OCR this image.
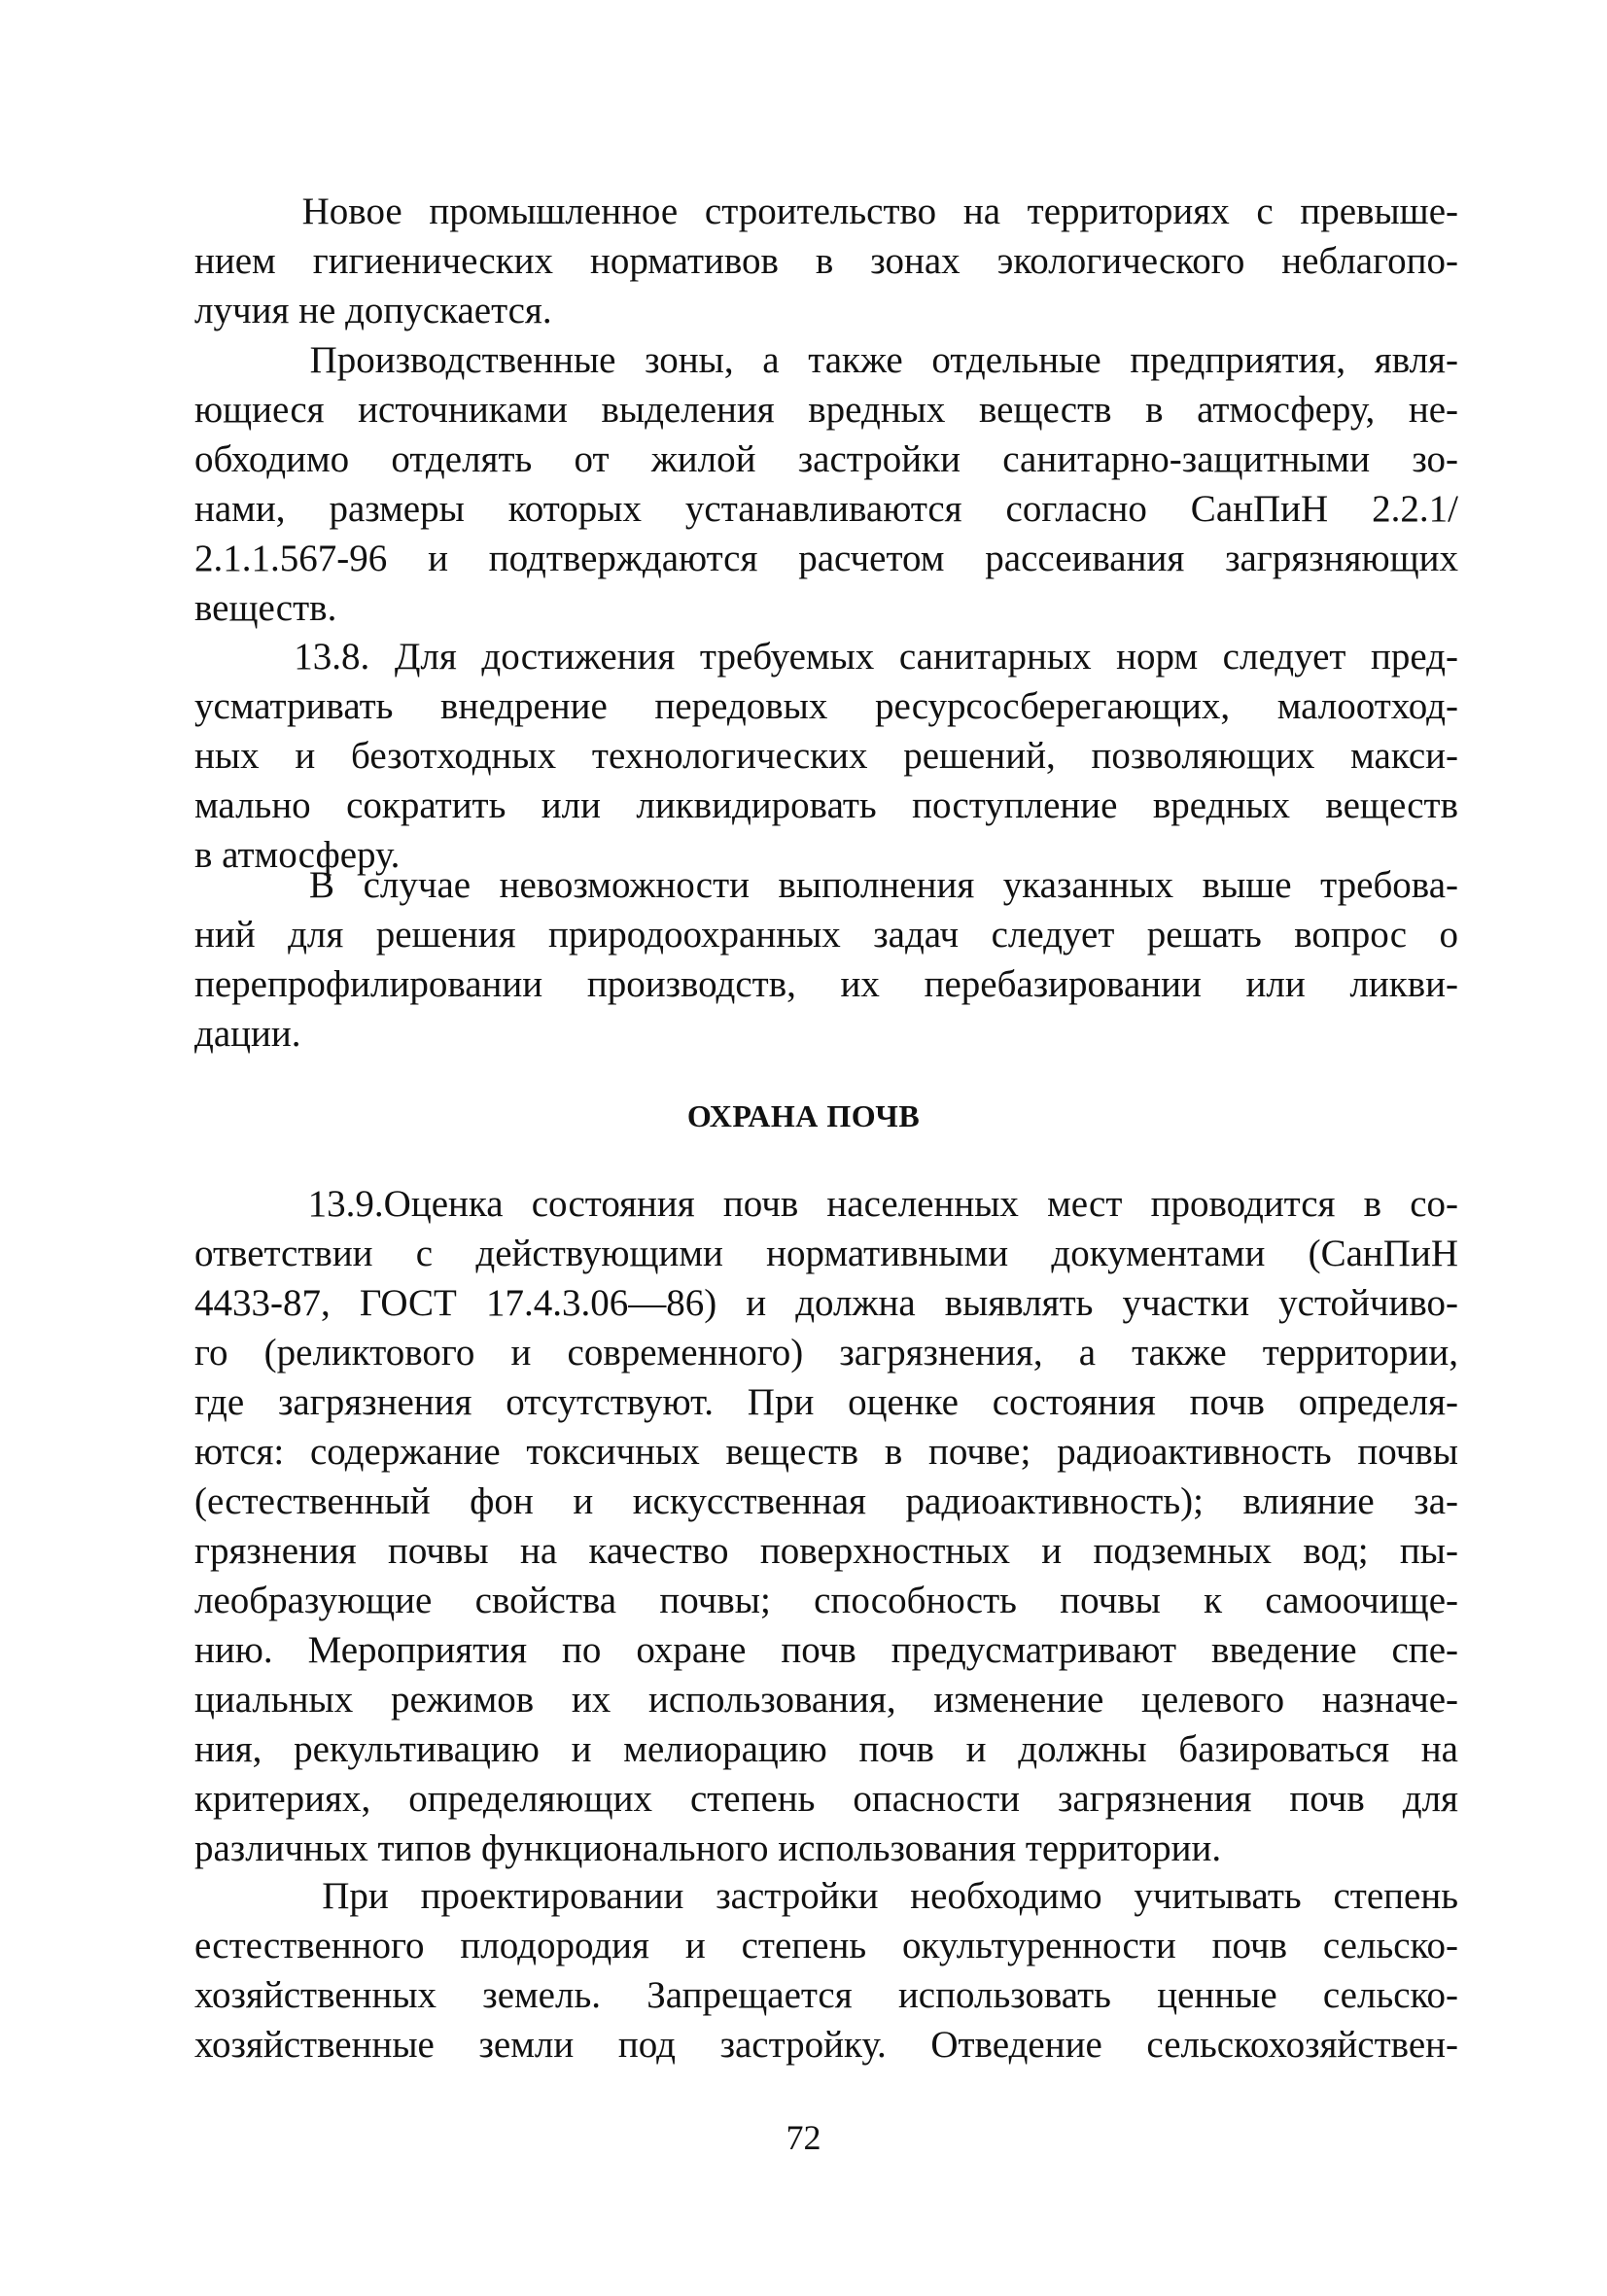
Новое промышленное строительство на территориях с превыше-
нием гигиенических нормативов в зонах экологического неблагопо-
лучия не допускается.
Производственные зоны, а также отдельные предприятия, явля-
ющиеся источниками выделения вредных веществ в атмосферу, не-
обходимо отделять от жилой застройки санитарно-защитными зо-
нами, размеры которых устанавливаются согласно СанПиН 2.2.1/
2.1.1.567-96 и подтверждаются расчетом рассеивания загрязняющих
веществ.
13.8. Для достижения требуемых санитарных норм следует пред-
усматривать внедрение передовых ресурсосберегающих, малоотход-
ных и безотходных технологических решений, позволяющих макси-
мально сократить или ликвидировать поступление вредных веществ
в атмосферу.
В случае невозможности выполнения указанных выше требова-
ний для решения природоохранных задач следует решать вопрос о
перепрофилировании производств, их перебазировании или ликви-
дации.
ОХРАНА ПОЧВ
13.9.Оценка состояния почв населенных мест проводится в со-
ответствии с действующими нормативными документами (СанПиН
4433-87, ГОСТ 17.4.3.06—86) и должна выявлять участки устойчиво-
го (реликтового и современного) загрязнения, а также территории,
где загрязнения отсутствуют. При оценке состояния почв определя-
ются: содержание токсичных веществ в почве; радиоактивность почвы
(естественный фон и искусственная радиоактивность); влияние за-
грязнения почвы на качество поверхностных и подземных вод; пы-
леобразующие свойства почвы; способность почвы к самоочище-
нию. Мероприятия по охране почв предусматривают введение спе-
циальных режимов их использования, изменение целевого назначе-
ния, рекультивацию и мелиорацию почв и должны базироваться на
критериях, определяющих степень опасности загрязнения почв для
различных типов функционального использования территории.
При проектировании застройки необходимо учитывать степень
естественного плодородия и степень окультуренности почв сельско-
хозяйственных земель. Запрещается использовать ценные сельско-
хозяйственные земли под застройку. Отведение сельскохозяйствен-
72
